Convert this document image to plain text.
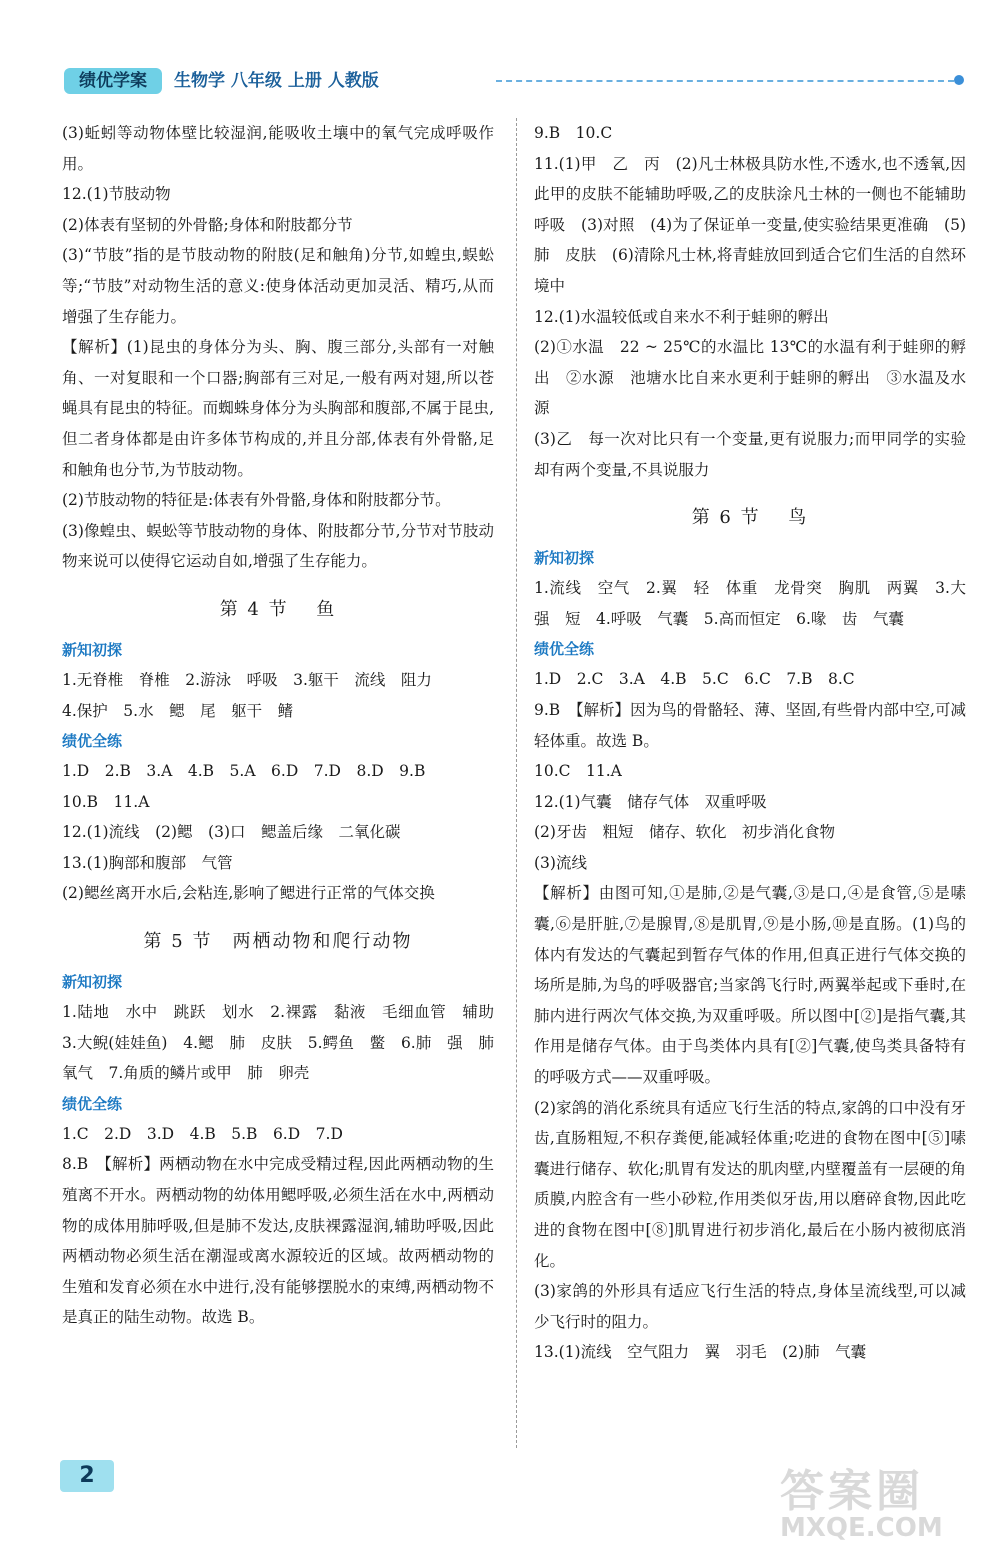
绩优学案	生物学 八年级 上册 人教版
(3)蚯蚓等动物体壁比较湿润,能吸收土壤中的氧气完成呼吸作用。
12.(1)节肢动物
(2)体表有坚韧的外骨骼;身体和附肢都分节
(3)“节肢”指的是节肢动物的附肢(足和触角)分节,如蝗虫,蜈蚣等;“节肢”对动物生活的意义:使身体活动更加灵活、精巧,从而增强了生存能力。
【解析】(1)昆虫的身体分为头、胸、腹三部分,头部有一对触角、一对复眼和一个口器;胸部有三对足,一般有两对翅,所以苍蝇具有昆虫的特征。而蜘蛛身体分为头胸部和腹部,不属于昆虫,但二者身体都是由许多体节构成的,并且分部,体表有外骨骼,足和触角也分节,为节肢动物。
(2)节肢动物的特征是:体表有外骨骼,身体和附肢都分节。
(3)像蝗虫、蜈蚣等节肢动物的身体、附肢都分节,分节对节肢动物来说可以使得它运动自如,增强了生存能力。
第 4 节　 鱼
新知初探
1.无脊椎　脊椎　2.游泳　呼吸　3.躯干　流线　阻力
4.保护　5.水　鳃　尾　躯干　鳍
绩优全练
1.D　2.B　3.A　4.B　5.A　6.D　7.D　8.D　9.B
10.B　11.A
12.(1)流线　(2)鳃　(3)口　鳃盖后缘　二氧化碳
13.(1)胸部和腹部　气管
(2)鳃丝离开水后,会粘连,影响了鳃进行正常的气体交换
第 5 节　两栖动物和爬行动物
新知初探
1.陆地　水中　跳跃　划水　2.裸露　黏液　毛细血管　辅助　3.大鲵(娃娃鱼)　4.鳃　肺　皮肤　5.鳄鱼　鳖　6.肺　强　肺　氧气　7.角质的鳞片或甲　肺　卵壳
绩优全练
1.C　2.D　3.D　4.B　5.B　6.D　7.D
8.B　【解析】两栖动物在水中完成受精过程,因此两栖动物的生殖离不开水。两栖动物的幼体用鳃呼吸,必须生活在水中,两栖动物的成体用肺呼吸,但是肺不发达,皮肤裸露湿润,辅助呼吸,因此两栖动物必须生活在潮湿或离水源较近的区域。故两栖动物的生殖和发育必须在水中进行,没有能够摆脱水的束缚,两栖动物不是真正的陆生动物。故选 B。
9.B　10.C
11.(1)甲　乙　丙　(2)凡士林极具防水性,不透水,也不透氧,因此甲的皮肤不能辅助呼吸,乙的皮肤涂凡士林的一侧也不能辅助呼吸　(3)对照　(4)为了保证单一变量,使实验结果更准确　(5)肺　皮肤　(6)清除凡士林,将青蛙放回到适合它们生活的自然环境中
12.(1)水温较低或自来水不利于蛙卵的孵出
(2)①水温　22 ~ 25℃的水温比 13℃的水温有利于蛙卵的孵出　②水源　池塘水比自来水更利于蛙卵的孵出　③水温及水源
(3)乙　每一次对比只有一个变量,更有说服力;而甲同学的实验却有两个变量,不具说服力
第 6 节　 鸟
新知初探
1.流线　空气　2.翼　轻　体重　龙骨突　胸肌　两翼　3.大　强　短　4.呼吸　气囊　5.高而恒定　6.喙　齿　气囊
绩优全练
1.D　2.C　3.A　4.B　5.C　6.C　7.B　8.C
9.B　【解析】因为鸟的骨骼轻、薄、坚固,有些骨内部中空,可减轻体重。故选 B。
10.C　11.A
12.(1)气囊　储存气体　双重呼吸
(2)牙齿　粗短　储存、软化　初步消化食物
(3)流线
【解析】由图可知,①是肺,②是气囊,③是口,④是食管,⑤是嗉囊,⑥是肝脏,⑦是腺胃,⑧是肌胃,⑨是小肠,⑩是直肠。(1)鸟的体内有发达的气囊起到暂存气体的作用,但真正进行气体交换的场所是肺,为鸟的呼吸器官;当家鸽飞行时,两翼举起或下垂时,在肺内进行两次气体交换,为双重呼吸。所以图中[②]是指气囊,其作用是储存气体。由于鸟类体内具有[②]气囊,使鸟类具备特有的呼吸方式——双重呼吸。
(2)家鸽的消化系统具有适应飞行生活的特点,家鸽的口中没有牙齿,直肠粗短,不积存粪便,能减轻体重;吃进的食物在图中[⑤]嗉囊进行储存、软化;肌胃有发达的肌肉壁,内壁覆盖有一层硬的角质膜,内腔含有一些小砂粒,作用类似牙齿,用以磨碎食物,因此吃进的食物在图中[⑧]肌胃进行初步消化,最后在小肠内被彻底消化。
(3)家鸽的外形具有适应飞行生活的特点,身体呈流线型,可以减少飞行时的阻力。
13.(1)流线　空气阻力　翼　羽毛　(2)肺　气囊
2	答案圈
MXQE.COM
